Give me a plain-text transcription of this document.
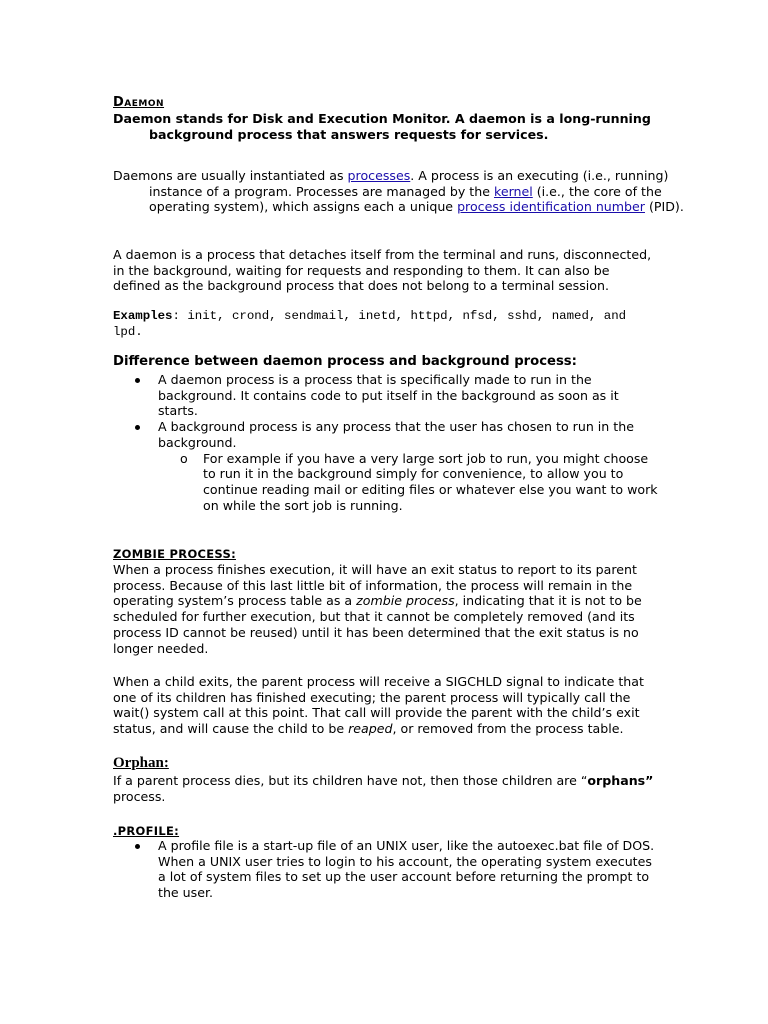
Daemon

Daemon stands for Disk and Execution Monitor. A daemon is a long-running background process that answers requests for services.

Daemons are usually instantiated as processes. A process is an executing (i.e., running) instance of a program. Processes are managed by the kernel (i.e., the core of the operating system), which assigns each a unique process identification number (PID).

A daemon is a process that detaches itself from the terminal and runs, disconnected, in the background, waiting for requests and responding to them. It can also be defined as the background process that does not belong to a terminal session.

Examples: init, crond, sendmail, inetd, httpd, nfsd, sshd, named, and lpd.

Difference between daemon process and background process:

A daemon process is a process that is specifically made to run in the background. It contains code to put itself in the background as soon as it starts.
A background process is any process that the user has chosen to run in the background.
o For example if you have a very large sort job to run, you might choose to run it in the background simply for convenience, to allow you to continue reading mail or editing files or whatever else you want to work on while the sort job is running.

ZOMBIE PROCESS:

When a process finishes execution, it will have an exit status to report to its parent process. Because of this last little bit of information, the process will remain in the operating system’s process table as a zombie process, indicating that it is not to be scheduled for further execution, but that it cannot be completely removed (and its process ID cannot be reused) until it has been determined that the exit status is no longer needed.

When a child exits, the parent process will receive a SIGCHLD signal to indicate that one of its children has finished executing; the parent process will typically call the wait() system call at this point. That call will provide the parent with the child’s exit status, and will cause the child to be reaped, or removed from the process table.

Orphan:

If a parent process dies, but its children have not, then those children are “orphans” process.

.PROFILE:

A profile file is a start-up file of an UNIX user, like the autoexec.bat file of DOS. When a UNIX user tries to login to his account, the operating system executes a lot of system files to set up the user account before returning the prompt to the user.
